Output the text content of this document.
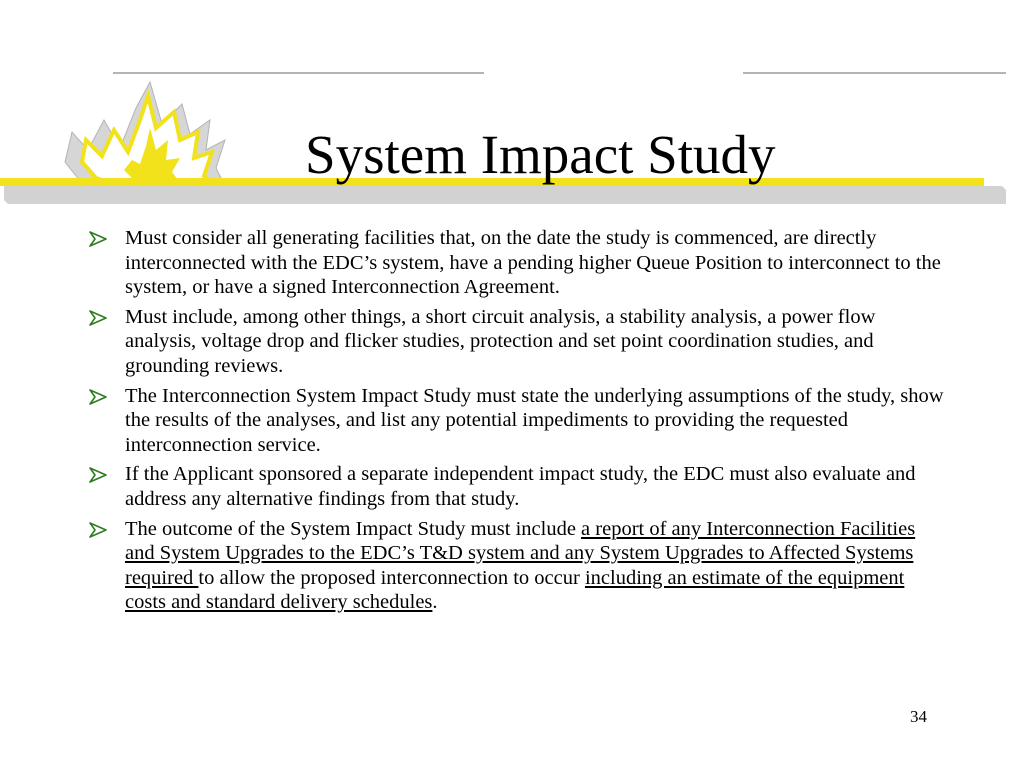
System Impact Study
Must consider all generating facilities that, on the date the study is commenced, are directly interconnected with the EDC’s system, have a pending higher Queue Position to interconnect to the system, or have a signed Interconnection Agreement.
Must include, among other things, a short circuit analysis, a stability analysis, a power flow analysis, voltage drop and flicker studies, protection and set point coordination studies, and grounding reviews.
The Interconnection System Impact Study must state the underlying assumptions of the study, show the results of the analyses, and list any potential impediments to providing the requested interconnection service.
If the Applicant sponsored a separate independent impact study, the EDC must also evaluate and address any alternative findings from that study.
The outcome of the System Impact Study must include a report of any Interconnection Facilities and System Upgrades to the EDC’s T&D system and any System Upgrades to Affected Systems required to allow the proposed interconnection to occur including an estimate of the equipment costs and standard delivery schedules.
34
